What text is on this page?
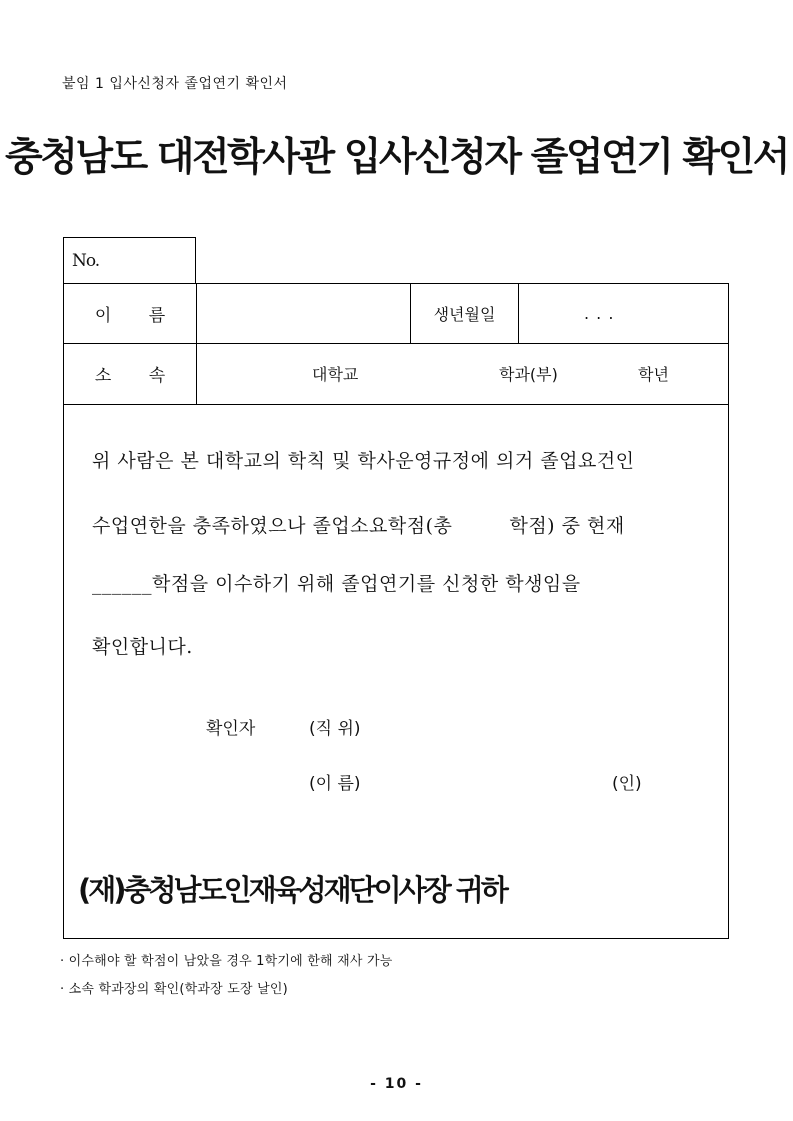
붙임 1 입사신청자 졸업연기 확인서
충청남도 대전학사관 입사신청자 졸업연기 확인서
No.
이 름	생년월일	. . .
소 속	대학교	학과(부)	학년
위 사람은 본 대학교의 학칙 및 학사운영규정에 의거 졸업요건인
수업연한을 충족하였으나 졸업소요학점(총	학점) 중 현재
______학점을 이수하기 위해 졸업연기를 신청한 학생임을
확인합니다.
확인자	(직 위)
(이 름)	(인)
(재)충청남도인재육성재단이사장 귀하
· 이수해야 할 학점이 남았을 경우 1학기에 한해 재사 가능
· 소속 학과장의 확인(학과장 도장 날인)
- 10 -
